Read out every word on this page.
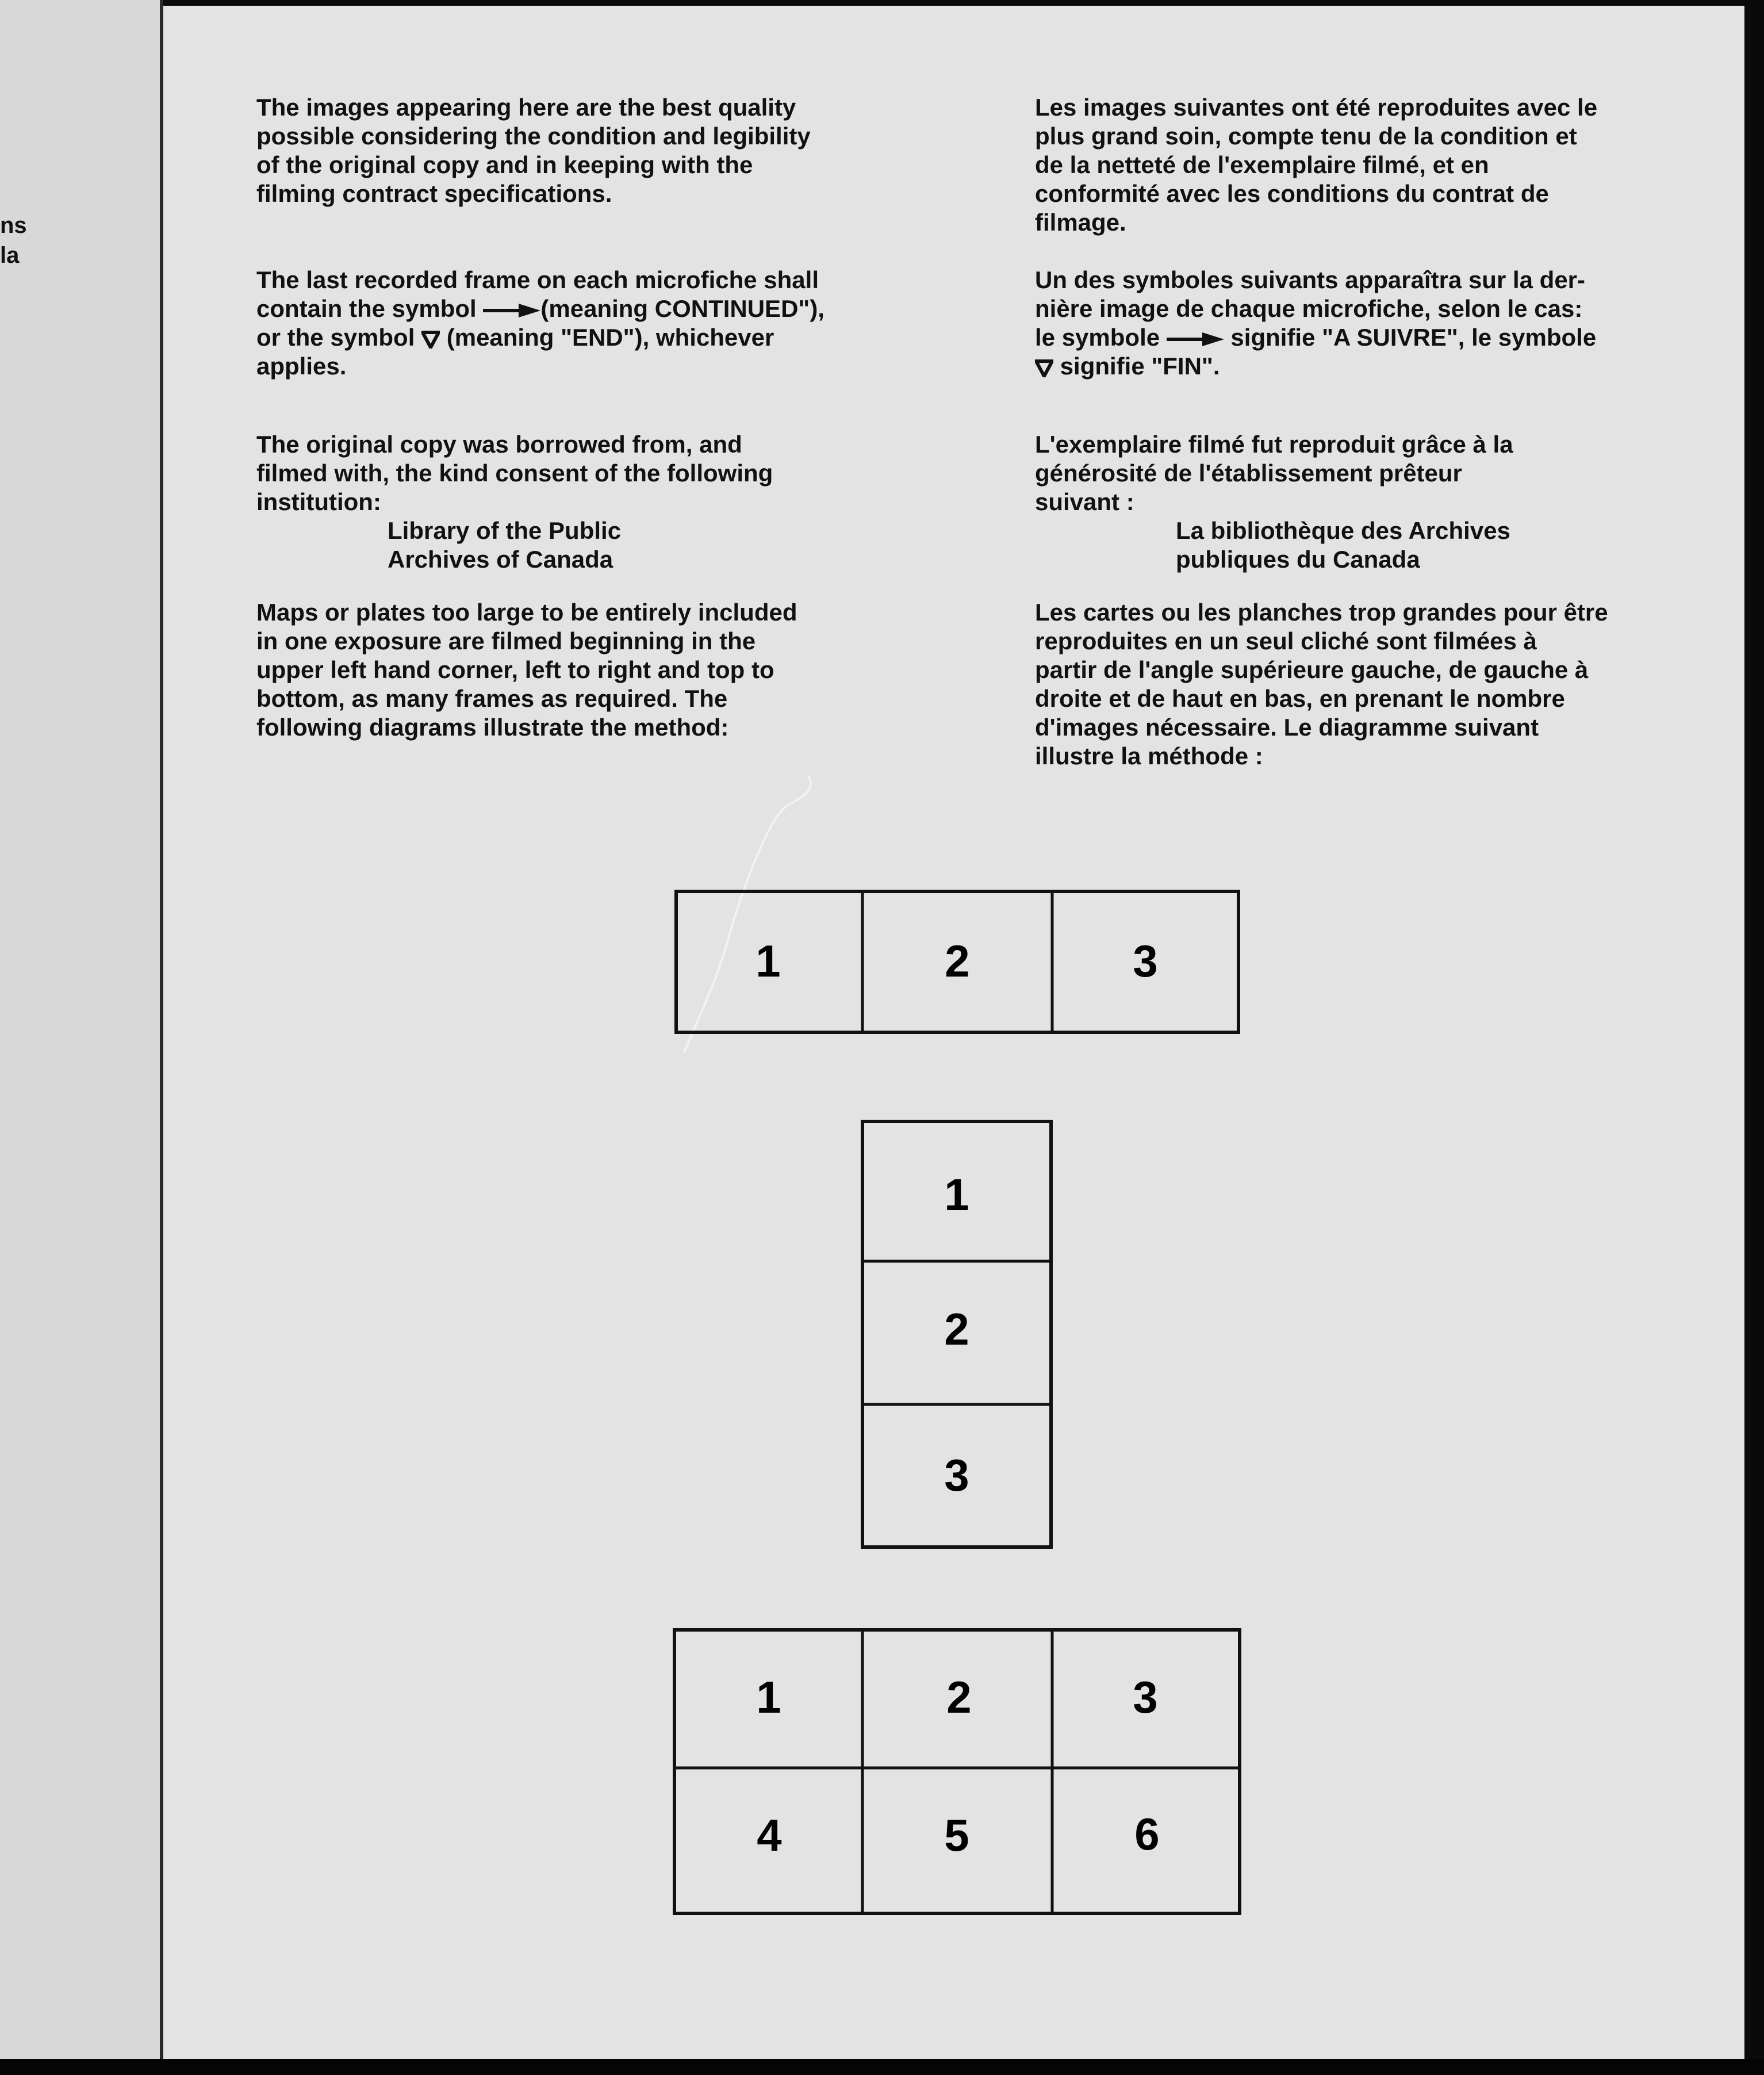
ns
la

The images appearing here are the best quality
possible considering the condition and legibility
of the original copy and in keeping with the
filming contract specifications.

The last recorded frame on each microfiche shall
contain the symbol (meaning CONTINUED"),
or the symbol  (meaning "END"), whichever
applies.

The original copy was borrowed from, and
filmed with, the kind consent of the following
institution:

Library of the Public
Archives of Canada

Maps or plates too large to be entirely included
in one exposure are filmed beginning in the
upper left hand corner, left to right and top to
bottom, as many frames as required. The
following diagrams illustrate the method:

Les images suivantes ont été reproduites avec le
plus grand soin, compte tenu de la condition et
de la netteté de l'exemplaire filmé, et en
conformité avec les conditions du contrat de
filmage.

Un des symboles suivants apparaîtra sur la der-
nière image de chaque microfiche, selon le cas:
le symbole  signifie "A SUIVRE", le symbole
signifie "FIN".

L'exemplaire filmé fut reproduit grâce à la
générosité de l'établissement prêteur
suivant :

La bibliothèque des Archives
publiques du Canada

Les cartes ou les planches trop grandes pour être
reproduites en un seul cliché sont filmées à
partir de l'angle supérieure gauche, de gauche à
droite et de haut en bas, en prenant le nombre
d'images nécessaire. Le diagramme suivant
illustre la méthode :

1	2	3
1
2
3
1	2	3
4	5	6
